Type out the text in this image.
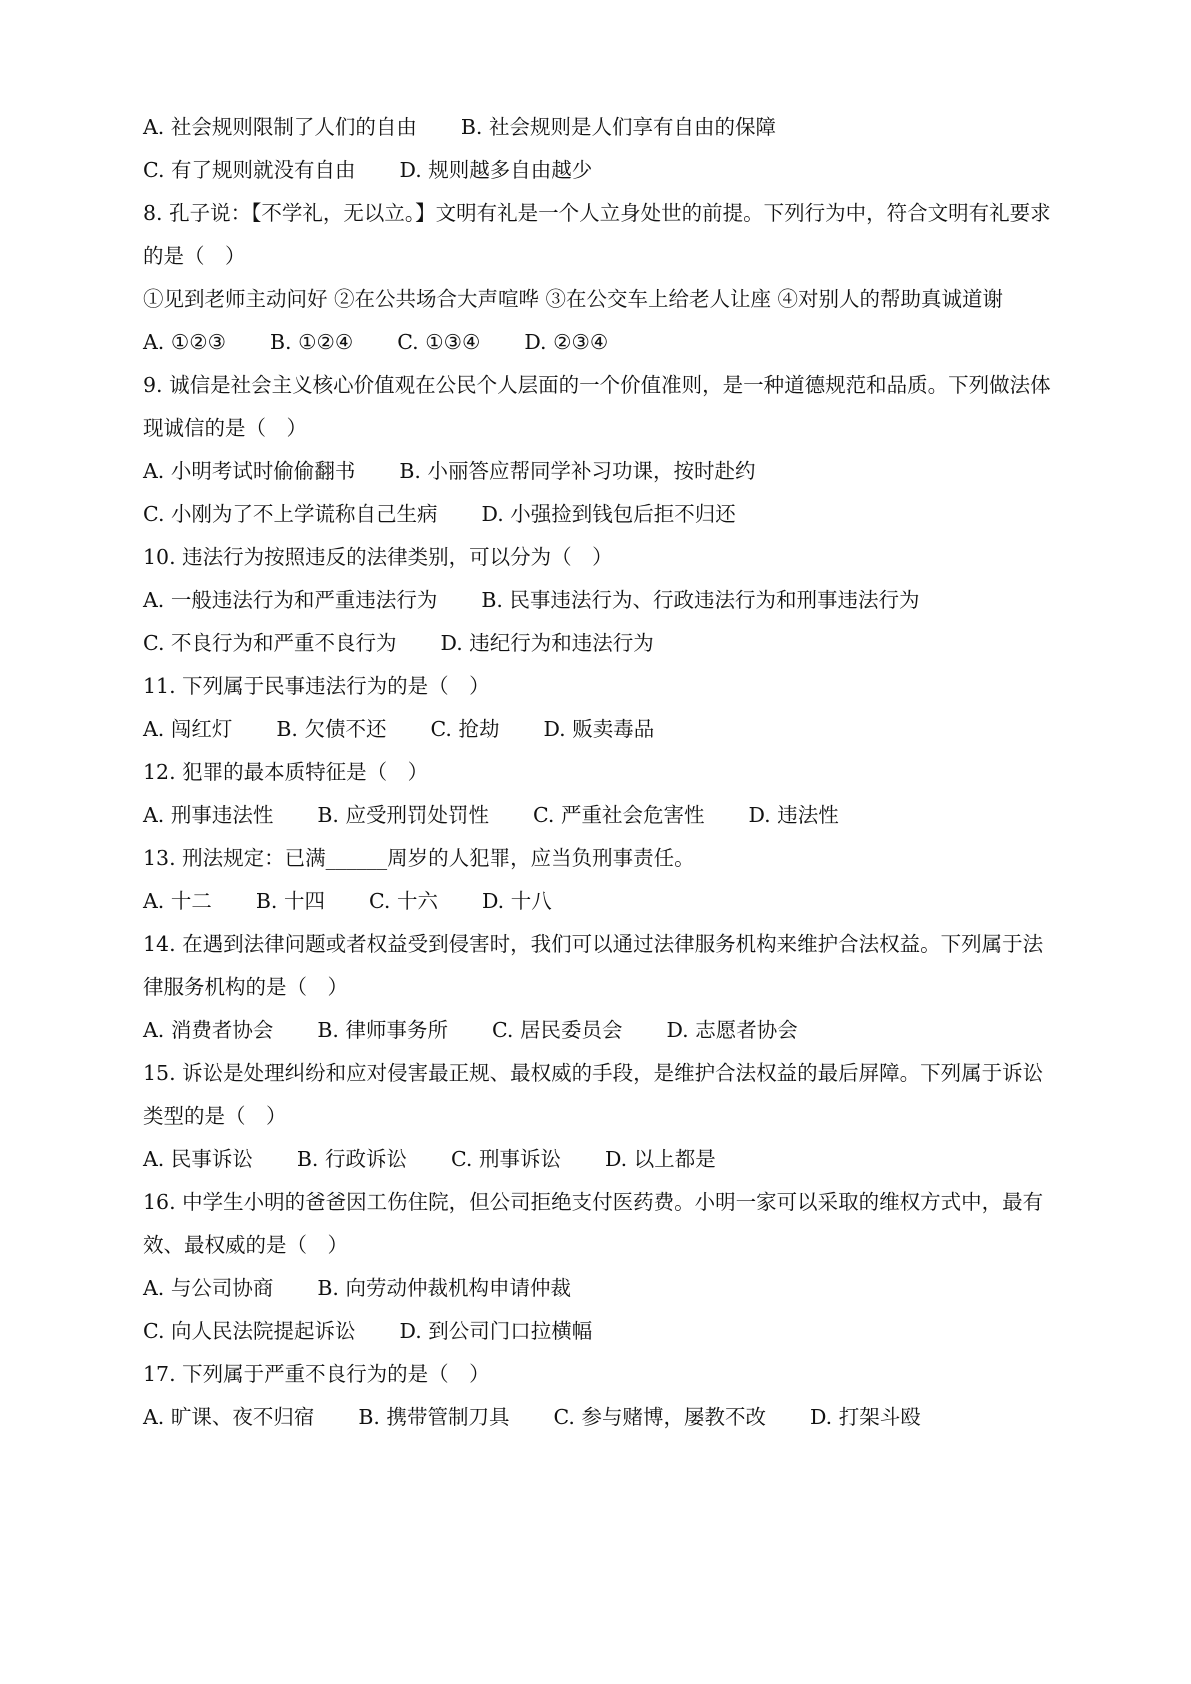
A. 社会规则限制了人们的自由 B. 社会规则是人们享有自由的保障
C. 有了规则就没有自由 D. 规则越多自由越少

8. 孔子说：【不学礼，无以立。】文明有礼是一个人立身处世的前提。下列行为中，符合文明有礼要求的是（　）

①见到老师主动问好 ②在公共场合大声喧哗 ③在公交车上给老人让座 ④对别人的帮助真诚道谢

A. ①②③ B. ①②④ C. ①③④ D. ②③④

9. 诚信是社会主义核心价值观在公民个人层面的一个价值准则，是一种道德规范和品质。下列做法体现诚信的是（　）

A. 小明考试时偷偷翻书 B. 小丽答应帮同学补习功课，按时赴约
C. 小刚为了不上学谎称自己生病 D. 小强捡到钱包后拒不归还

10. 违法行为按照违反的法律类别，可以分为（　）

A. 一般违法行为和严重违法行为 B. 民事违法行为、行政违法行为和刑事违法行为
C. 不良行为和严重不良行为 D. 违纪行为和违法行为

11. 下列属于民事违法行为的是（　）

A. 闯红灯 B. 欠债不还 C. 抢劫 D. 贩卖毒品

12. 犯罪的最本质特征是（　）

A. 刑事违法性 B. 应受刑罚处罚性 C. 严重社会危害性 D. 违法性

13. 刑法规定：已满______周岁的人犯罪，应当负刑事责任。

A. 十二 B. 十四 C. 十六 D. 十八

14. 在遇到法律问题或者权益受到侵害时，我们可以通过法律服务机构来维护合法权益。下列属于法律服务机构的是（　）

A. 消费者协会 B. 律师事务所 C. 居民委员会 D. 志愿者协会

15. 诉讼是处理纠纷和应对侵害最正规、最权威的手段，是维护合法权益的最后屏障。下列属于诉讼类型的是（　）

A. 民事诉讼 B. 行政诉讼 C. 刑事诉讼 D. 以上都是

16. 中学生小明的爸爸因工伤住院，但公司拒绝支付医药费。小明一家可以采取的维权方式中，最有效、最权威的是（　）

A. 与公司协商 B. 向劳动仲裁机构申请仲裁
C. 向人民法院提起诉讼 D. 到公司门口拉横幅

17. 下列属于严重不良行为的是（　）

A. 旷课、夜不归宿 B. 携带管制刀具 C. 参与赌博，屡教不改 D. 打架斗殴
